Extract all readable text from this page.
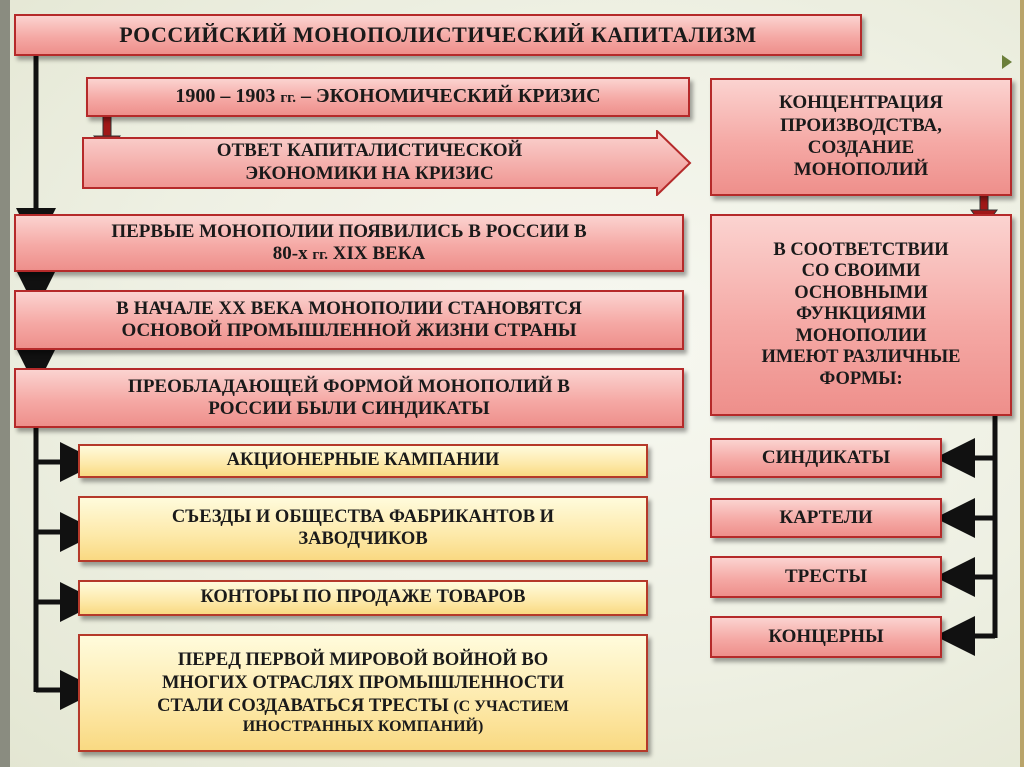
РОССИЙСКИЙ МОНОПОЛИСТИЧЕСКИЙ КАПИТАЛИЗМ
1900 – 1903 гг. – ЭКОНОМИЧЕСКИЙ КРИЗИС
ОТВЕТ КАПИТАЛИСТИЧЕСКОЙ
ЭКОНОМИКИ НА КРИЗИС
КОНЦЕНТРАЦИЯ
ПРОИЗВОДСТВА,
СОЗДАНИЕ
МОНОПОЛИЙ
ПЕРВЫЕ МОНОПОЛИИ ПОЯВИЛИСЬ В РОССИИ В
80-х гг. XIX ВЕКА
В НАЧАЛЕ XX ВЕКА МОНОПОЛИИ СТАНОВЯТСЯ
ОСНОВОЙ ПРОМЫШЛЕННОЙ ЖИЗНИ СТРАНЫ
ПРЕОБЛАДАЮЩЕЙ ФОРМОЙ МОНОПОЛИЙ В
РОССИИ БЫЛИ СИНДИКАТЫ
В СООТВЕТСТВИИ
СО СВОИМИ
ОСНОВНЫМИ
ФУНКЦИЯМИ
МОНОПОЛИИ
ИМЕЮТ РАЗЛИЧНЫЕ
ФОРМЫ:
АКЦИОНЕРНЫЕ КАМПАНИИ
СЪЕЗДЫ И ОБЩЕСТВА ФАБРИКАНТОВ И
ЗАВОДЧИКОВ
КОНТОРЫ ПО ПРОДАЖЕ ТОВАРОВ
ПЕРЕД ПЕРВОЙ МИРОВОЙ ВОЙНОЙ ВО
МНОГИХ ОТРАСЛЯХ ПРОМЫШЛЕННОСТИ
СТАЛИ СОЗДАВАТЬСЯ ТРЕСТЫ (С УЧАСТИЕМ
ИНОСТРАННЫХ КОМПАНИЙ)
СИНДИКАТЫ
КАРТЕЛИ
ТРЕСТЫ
КОНЦЕРНЫ
